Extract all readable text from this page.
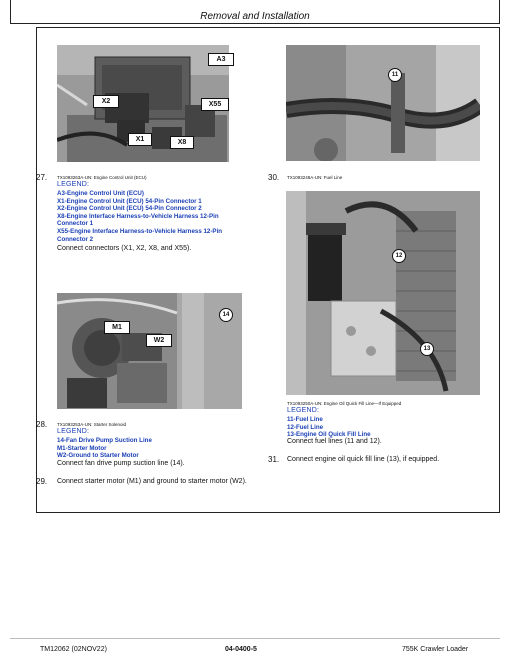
Removal and Installation
A3
X2	X55
X1	X8
27. TX1093263A-UN: Engine Control Unit (ECU)
LEGEND:
A3-Engine Control Unit (ECU)
X1-Engine Control Unit (ECU) 54-Pin Connector 1
X2-Engine Control Unit (ECU) 54-Pin Connector 2
X8-Engine Interface Harness-to-Vehicle Harness 12-Pin
Connector 1
X55-Engine Interface Harness-to-Vehicle Harness 12-Pin
Connector 2
Connect connectors (X1, X2, X8, and X55).
M1
W2
14
28. TX1093253A-UN: Starter Solenoid
LEGEND:
14-Fan Drive Pump Suction Line
M1-Starter Motor
W2-Ground to Starter Motor
Connect fan drive pump suction line (14).
29. Connect starter motor (M1) and ground to starter motor (W2).
11
30. TX1093248A-UN: Fuel Line
12
13
TX1093250A-UN: Engine Oil Quick Fill Line—If Equipped
LEGEND:
11-Fuel Line
12-Fuel Line
13-Engine Oil Quick Fill Line
Connect fuel lines (11 and 12).
31. Connect engine oil quick fill line (13), if equipped.
TM12062 (02NOV22)	04-0400-5	755K Crawler Loader
